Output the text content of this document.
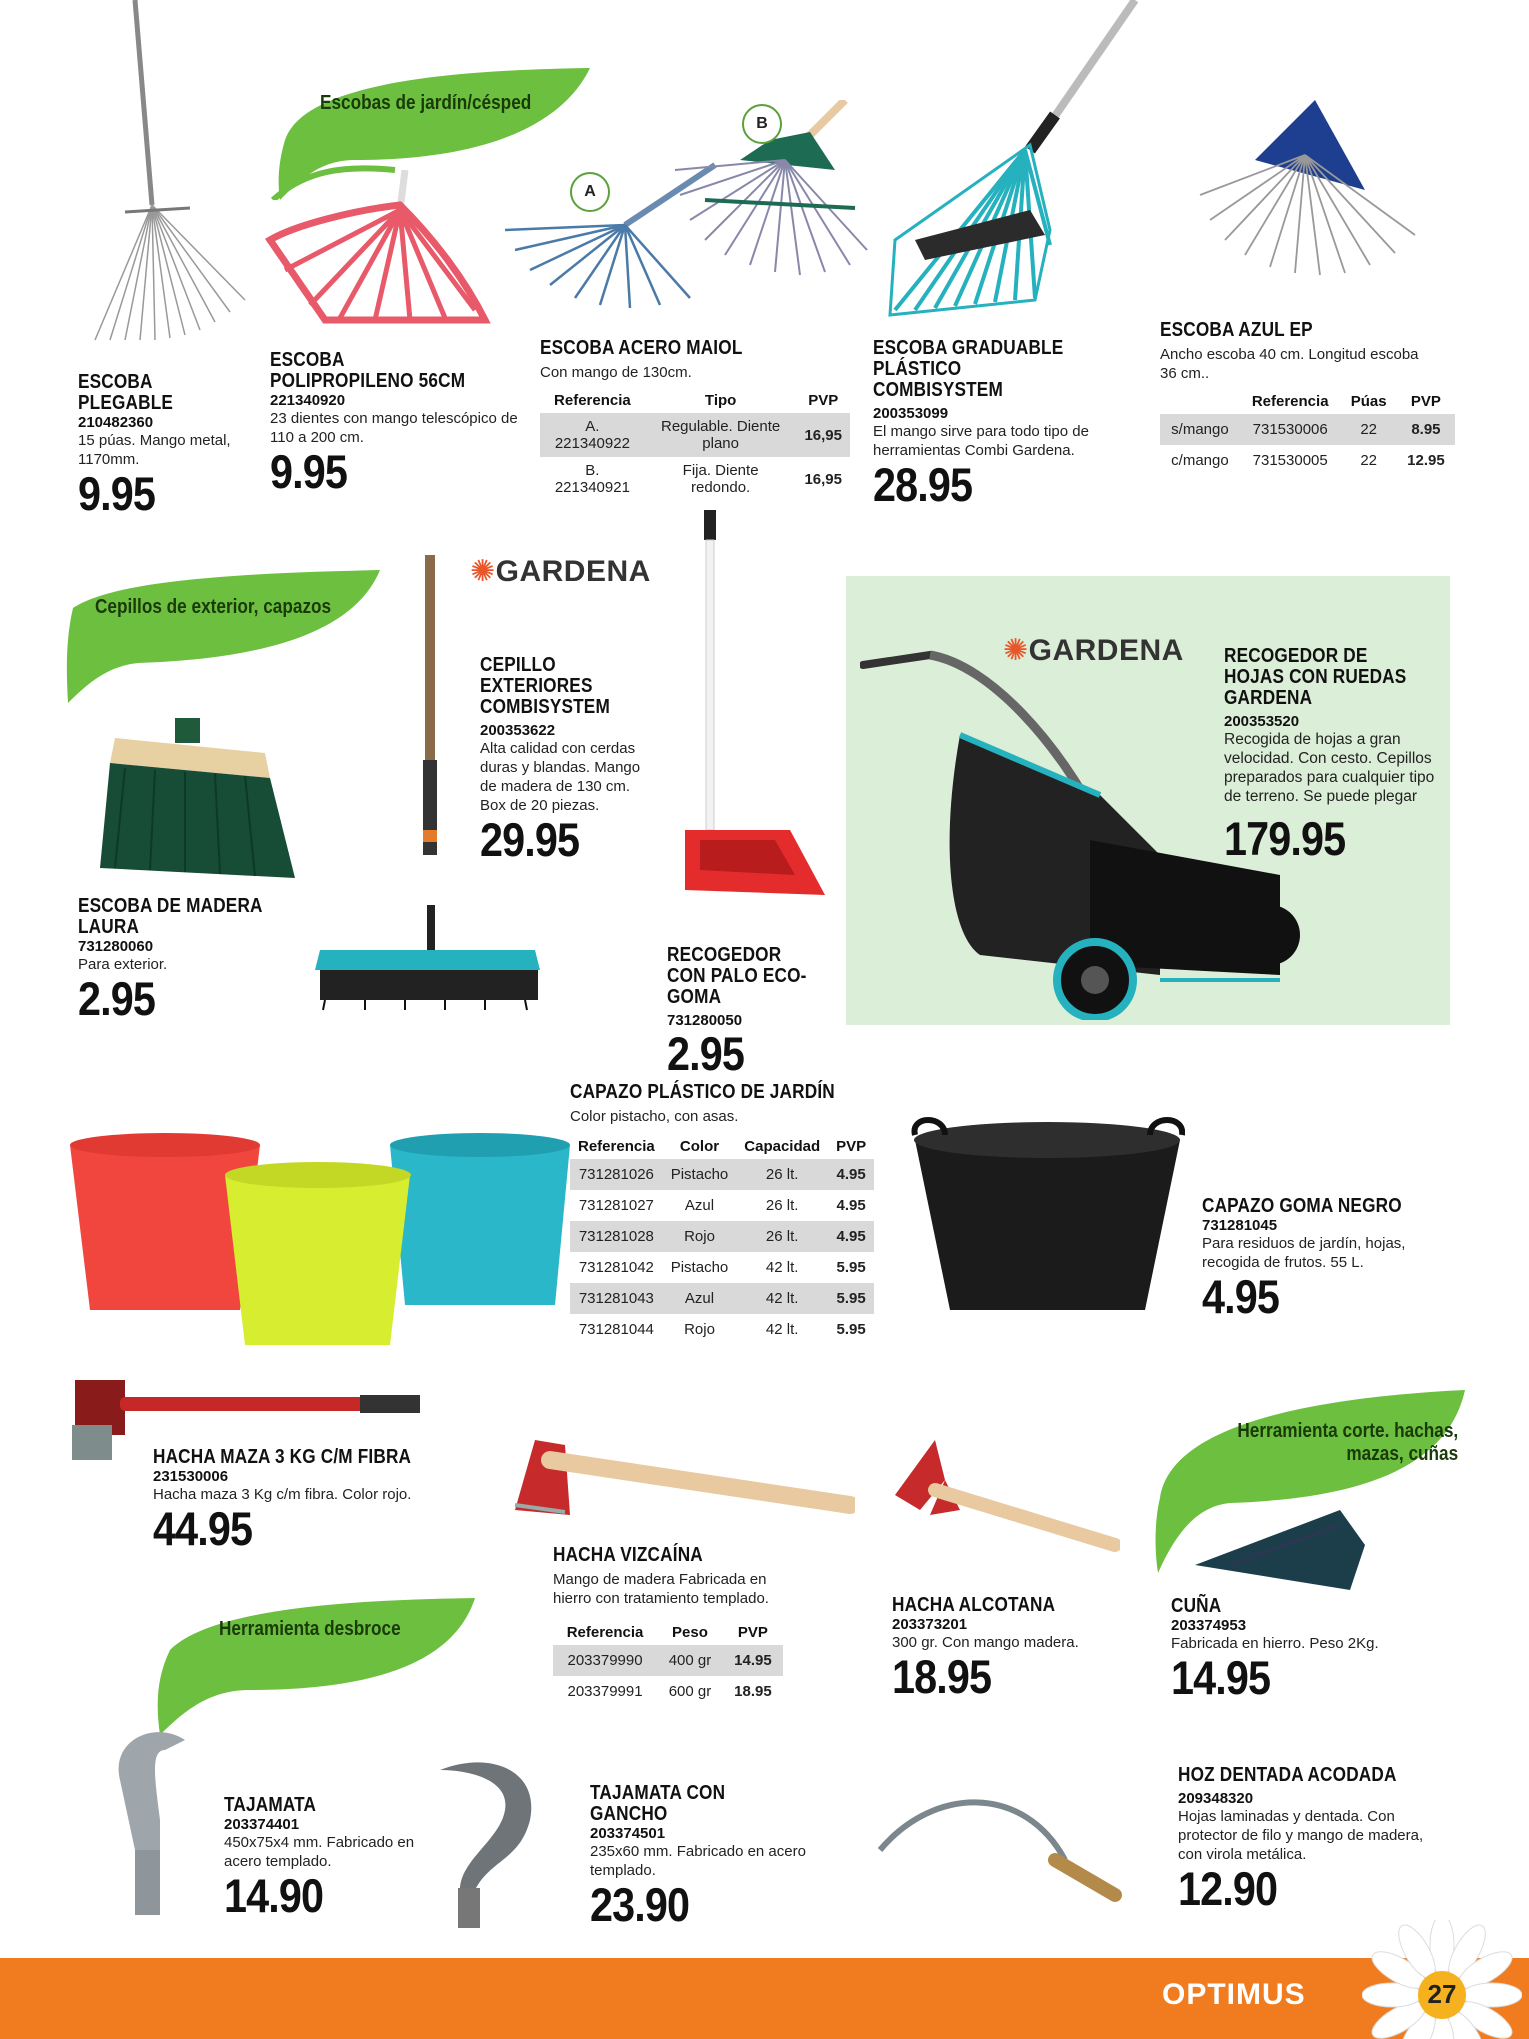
Escobas de jardín/césped
Cepillos de exterior, capazos
Herramienta corte. hachas, mazas, cuñas
Herramienta desbroce
A
B
✺GARDENA
✺GARDENA
ESCOBA PLEGABLE
210482360
15 púas. Mango metal, 1170mm.
9.95
ESCOBA POLIPROPILENO 56CM
221340920
23 dientes con mango telescópico de 110 a 200 cm.
9.95
ESCOBA ACERO MAIOL
Con mango de 130cm.
Referencia	Tipo	PVP
A. 221340922	Regulable. Diente plano	16,95
B. 221340921	Fija. Diente redondo.	16,95
ESCOBA GRADUABLE PLÁSTICO COMBISYSTEM
200353099
El mango sirve para todo tipo de herramientas Combi Gardena.
28.95
ESCOBA AZUL EP
Ancho escoba 40 cm. Longitud escoba 36 cm..
	Referencia	Púas	PVP
s/mango	731530006	22	8.95
c/mango	731530005	22	12.95
CEPILLO EXTERIORES COMBISYSTEM
200353622
Alta calidad con cerdas duras y blandas. Mango de madera de 130 cm. Box de 20 piezas.
29.95
ESCOBA DE MADERA LAURA
731280060
Para exterior.
2.95
RECOGEDOR CON PALO ECO-GOMA
731280050
2.95
RECOGEDOR DE HOJAS CON RUEDAS GARDENA
200353520
Recogida de hojas a gran velocidad. Con cesto. Cepillos preparados para cualquier tipo de terreno. Se puede plegar
179.95
CAPAZO PLÁSTICO DE JARDÍN
Color pistacho, con asas.
Referencia	Color	Capacidad	PVP
731281026	Pistacho	26 lt.	4.95
731281027	Azul	26 lt.	4.95
731281028	Rojo	26 lt.	4.95
731281042	Pistacho	42 lt.	5.95
731281043	Azul	42 lt.	5.95
731281044	Rojo	42 lt.	5.95
CAPAZO GOMA NEGRO
731281045
Para residuos de jardín, hojas, recogida de frutos. 55 L.
4.95
HACHA MAZA 3 KG C/M FIBRA
231530006
Hacha maza 3 Kg c/m fibra. Color rojo.
44.95	HACHA VIZCAÍNA
Mango de madera Fabricada en hierro con tratamiento templado.
Referencia	Peso	PVP
203379990	400 gr	14.95
203379991	600 gr	18.95
HACHA ALCOTANA
203373201
300 gr. Con mango madera.
18.95
CUÑA
203374953
Fabricada en hierro. Peso 2Kg.
14.95
TAJAMATA
203374401
450x75x4 mm. Fabricado en acero templado.
14.90
TAJAMATA CON GANCHO
203374501
235x60 mm. Fabricado en acero templado.
23.90
HOZ DENTADA ACODADA
209348320
Hojas laminadas y dentada. Con protector de filo y mango de madera, con virola metálica.
12.90
OPTIMUS	27
